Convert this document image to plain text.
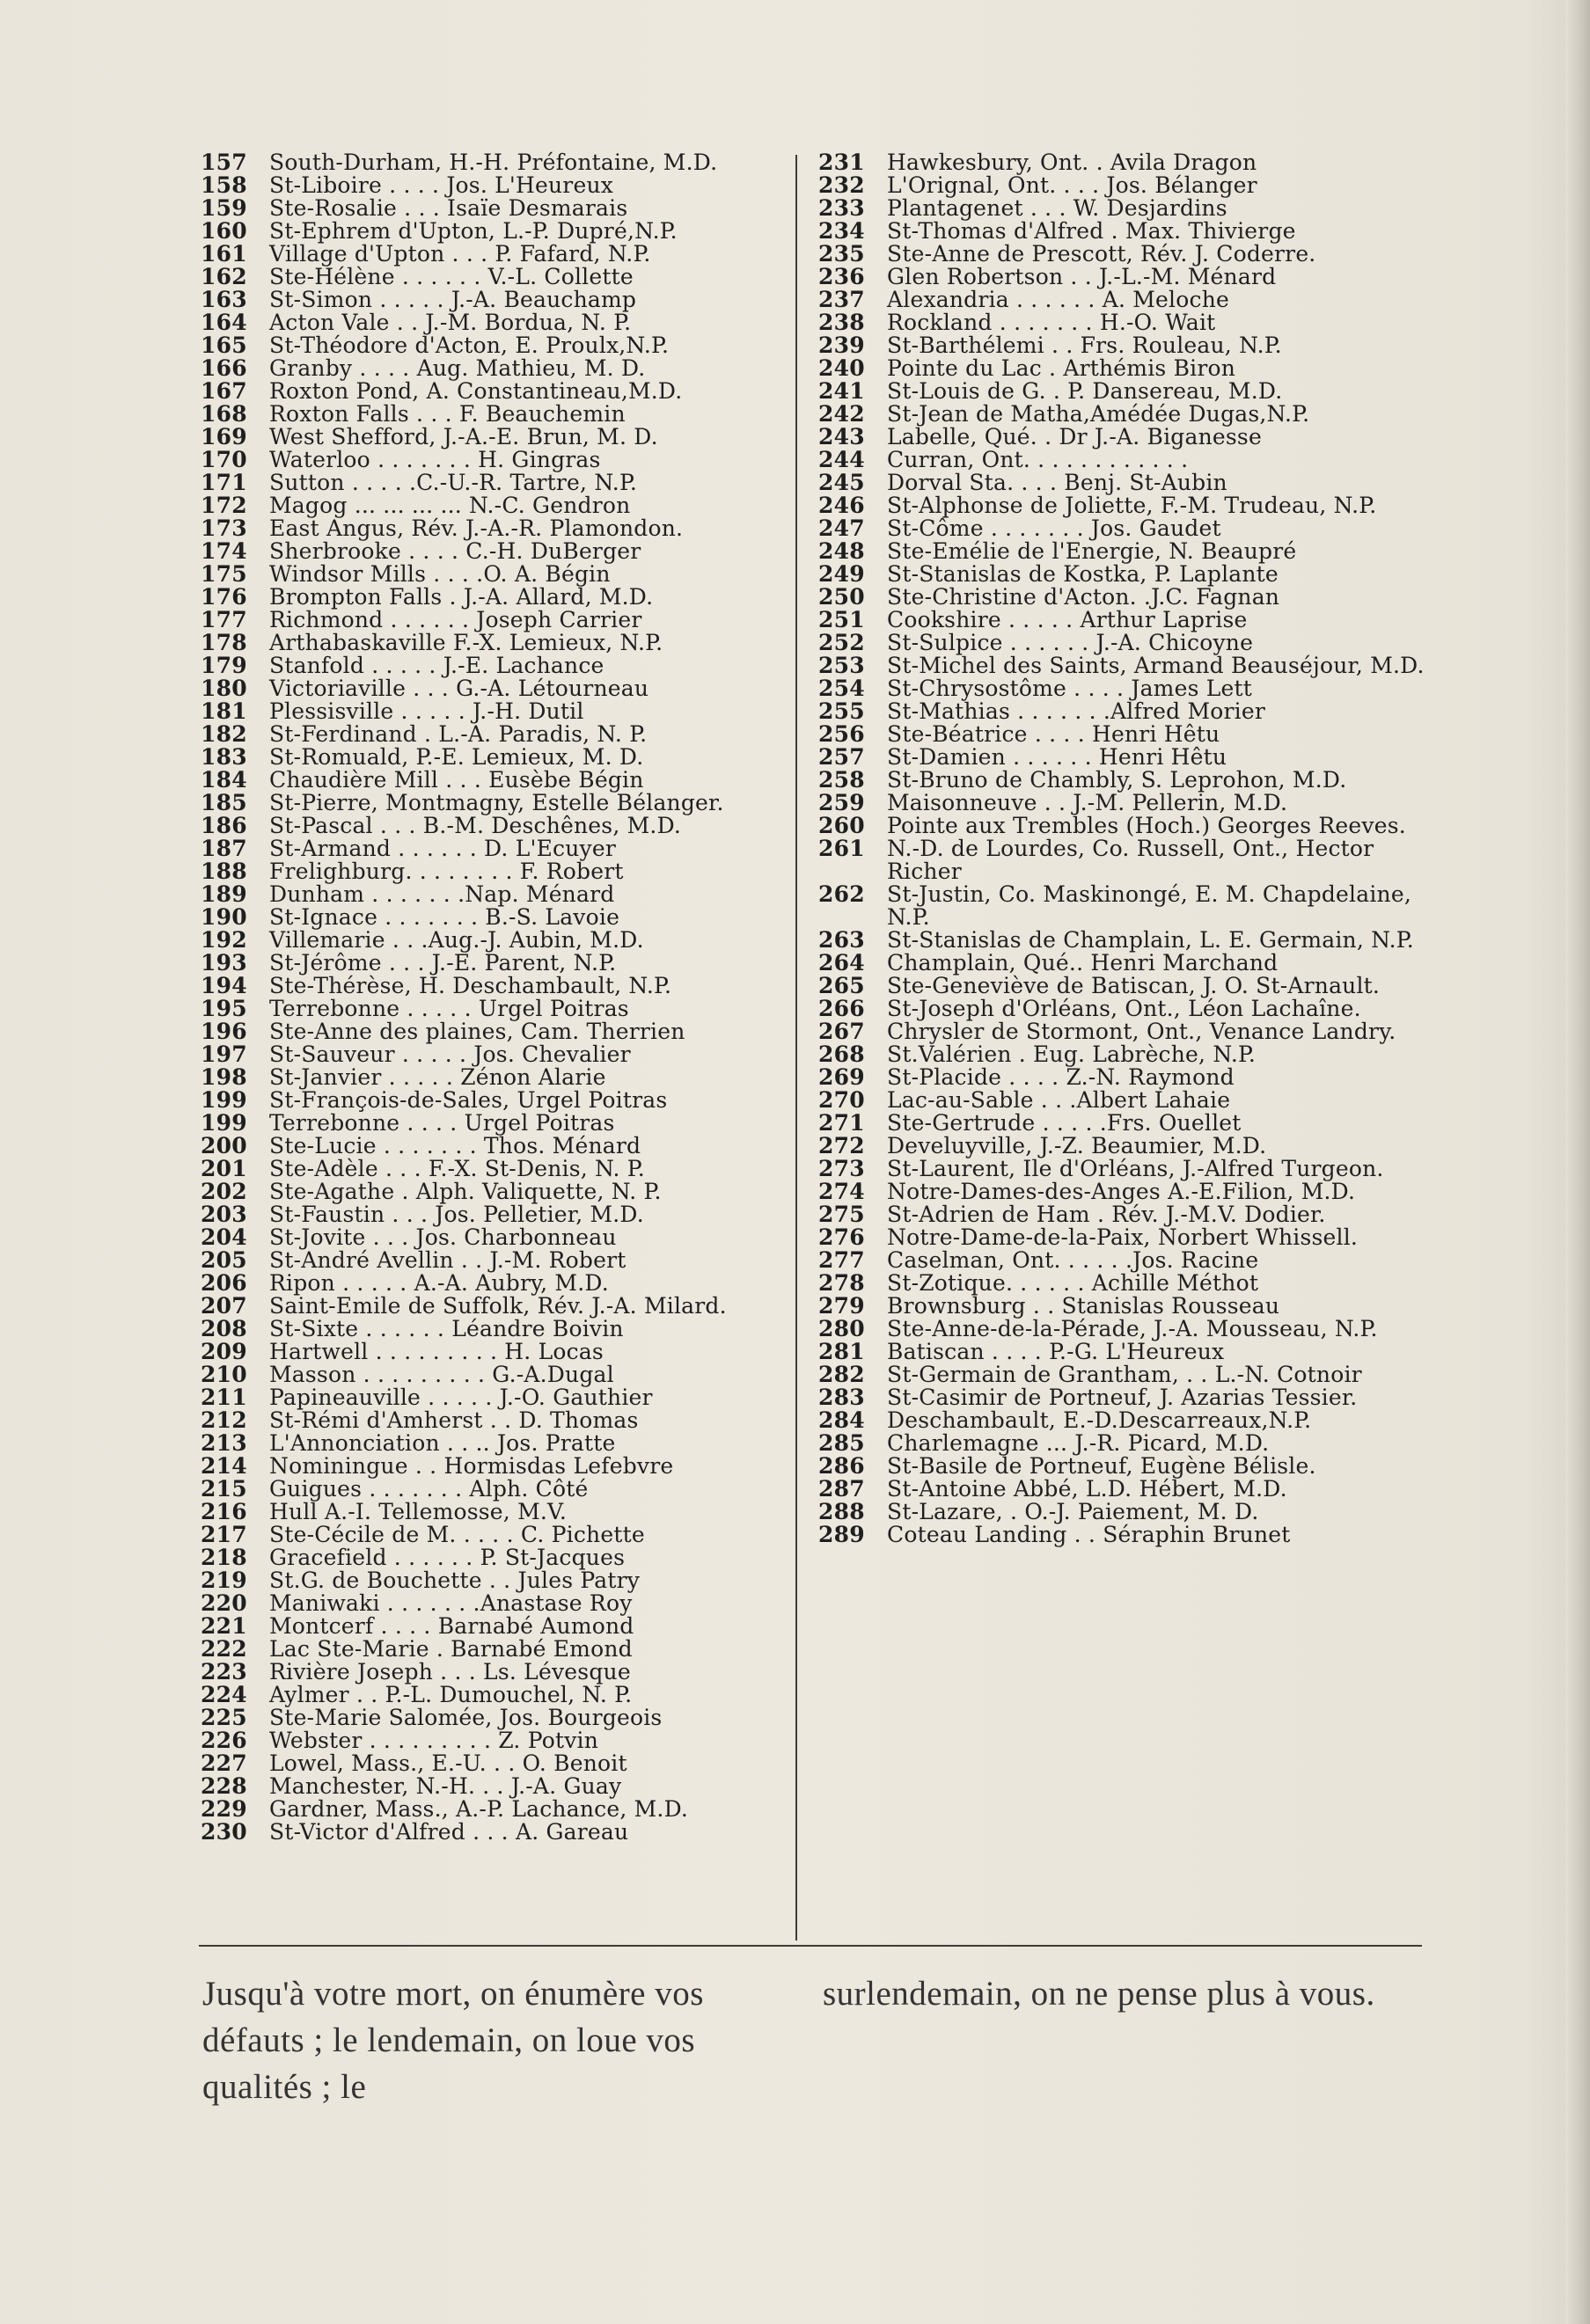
157	South-Durham, H.-H. Préfontaine, M.D.
158	St-Liboire . . . . Jos. L'Heureux
159	Ste-Rosalie . . . Isaïe Desmarais
160	St-Ephrem d'Upton, L.-P. Dupré,N.P.
161	Village d'Upton . . . P. Fafard, N.P.
162	Ste-Hélène . . . . . . V.-L. Collette
163	St-Simon . . . . . J.-A. Beauchamp
164	Acton Vale . . J.-M. Bordua, N. P.
165	St-Théodore d'Acton, E. Proulx,N.P.
166	Granby . . . . Aug. Mathieu, M. D.
167	Roxton Pond, A. Constantineau,M.D.
168	Roxton Falls . . . F. Beauchemin
169	West Shefford, J.-A.-E. Brun, M. D.
170	Waterloo . . . . . . . H. Gingras
171	Sutton . . . . .C.-U.-R. Tartre, N.P.
172	Magog ... ... ... ... N.-C. Gendron
173	East Angus, Rév. J.-A.-R. Plamondon.
174	Sherbrooke . . . . C.-H. DuBerger
175	Windsor Mills . . . .O. A. Bégin
176	Brompton Falls . J.-A. Allard, M.D.
177	Richmond . . . . . . Joseph Carrier
178	Arthabaskaville F.-X. Lemieux, N.P.
179	Stanfold . . . . . J.-E. Lachance
180	Victoriaville . . . G.-A. Létourneau
181	Plessisville . . . . . J.-H. Dutil
182	St-Ferdinand . L.-A. Paradis, N. P.
183	St-Romuald, P.-E. Lemieux, M. D.
184	Chaudière Mill . . . Eusèbe Bégin
185	St-Pierre, Montmagny, Estelle Bélanger.
186	St-Pascal . . . B.-M. Deschênes, M.D.
187	St-Armand . . . . . . D. L'Ecuyer
188	Frelighburg. . . . . . . . F. Robert
189	Dunham . . . . . . .Nap. Ménard
190	St-Ignace . . . . . . . B.-S. Lavoie
192	Villemarie . . .Aug.-J. Aubin, M.D.
193	St-Jérôme . . . J.-E. Parent, N.P.
194	Ste-Thérèse, H. Deschambault, N.P.
195	Terrebonne . . . . . Urgel Poitras
196	Ste-Anne des plaines, Cam. Therrien
197	St-Sauveur . . . . . Jos. Chevalier
198	St-Janvier . . . . . Zénon Alarie
199	St-François-de-Sales, Urgel Poitras
199	Terrebonne . . . . Urgel Poitras
200	Ste-Lucie . . . . . . . Thos. Ménard
201	Ste-Adèle . . . F.-X. St-Denis, N. P.
202	Ste-Agathe . Alph. Valiquette, N. P.
203	St-Faustin . . . Jos. Pelletier, M.D.
204	St-Jovite . . . Jos. Charbonneau
205	St-André Avellin . . J.-M. Robert
206	Ripon . . . . . A.-A. Aubry, M.D.
207	Saint-Emile de Suffolk, Rév. J.-A. Milard.
208	St-Sixte . . . . . . Léandre Boivin
209	Hartwell . . . . . . . . . H. Locas
210	Masson . . . . . . . . . G.-A.Dugal
211	Papineauville . . . . . J.-O. Gauthier
212	St-Rémi d'Amherst . . D. Thomas
213	L'Annonciation . . .. Jos. Pratte
214	Nominingue . . Hormisdas Lefebvre
215	Guigues . . . . . . . Alph. Côté
216	Hull A.-I. Tellemosse, M.V.
217	Ste-Cécile de M. . . . . C. Pichette
218	Gracefield . . . . . . P. St-Jacques
219	St.G. de Bouchette . . Jules Patry
220	Maniwaki . . . . . . .Anastase Roy
221	Montcerf . . . . Barnabé Aumond
222	Lac Ste-Marie . Barnabé Emond
223	Rivière Joseph . . . Ls. Lévesque
224	Aylmer . . P.-L. Dumouchel, N. P.
225	Ste-Marie Salomée, Jos. Bourgeois
226	Webster . . . . . . . . . Z. Potvin
227	Lowel, Mass., E.-U. . . O. Benoit
228	Manchester, N.-H. . . J.-A. Guay
229	Gardner, Mass., A.-P. Lachance, M.D.
230	St-Victor d'Alfred . . . A. Gareau
231	Hawkesbury, Ont. . Avila Dragon
232	L'Orignal, Ont. . . . Jos. Bélanger
233	Plantagenet . . . W. Desjardins
234	St-Thomas d'Alfred . Max. Thivierge
235	Ste-Anne de Prescott, Rév. J. Coderre.
236	Glen Robertson . . J.-L.-M. Ménard
237	Alexandria . . . . . . A. Meloche
238	Rockland . . . . . . . H.-O. Wait
239	St-Barthélemi . . Frs. Rouleau, N.P.
240	Pointe du Lac . Arthémis Biron
241	St-Louis de G. . P. Dansereau, M.D.
242	St-Jean de Matha,Amédée Dugas,N.P.
243	Labelle, Qué. . Dr J.-A. Biganesse
244	Curran, Ont. . . . . . . . . . . .
245	Dorval Sta. . . . Benj. St-Aubin
246	St-Alphonse de Joliette, F.-M. Trudeau, N.P.
247	St-Côme . . . . . . . Jos. Gaudet
248	Ste-Emélie de l'Energie, N. Beaupré
249	St-Stanislas de Kostka, P. Laplante
250	Ste-Christine d'Acton. .J.C. Fagnan
251	Cookshire . . . . . Arthur Laprise
252	St-Sulpice . . . . . . J.-A. Chicoyne
253	St-Michel des Saints, Armand Beauséjour, M.D.
254	St-Chrysostôme . . . . James Lett
255	St-Mathias . . . . . . .Alfred Morier
256	Ste-Béatrice . . . . Henri Hêtu
257	St-Damien . . . . . . Henri Hêtu
258	St-Bruno de Chambly, S. Leprohon, M.D.
259	Maisonneuve . . J.-M. Pellerin, M.D.
260	Pointe aux Trembles (Hoch.) Georges Reeves.
261	N.-D. de Lourdes, Co. Russell, Ont., Hector Richer
262	St-Justin, Co. Maskinongé, E. M. Chapdelaine, N.P.
263	St-Stanislas de Champlain, L. E. Germain, N.P.
264	Champlain, Qué.. Henri Marchand
265	Ste-Geneviève de Batiscan, J. O. St-Arnault.
266	St-Joseph d'Orléans, Ont., Léon Lachaîne.
267	Chrysler de Stormont, Ont., Venance Landry.
268	St.Valérien . Eug. Labrèche, N.P.
269	St-Placide . . . . Z.-N. Raymond
270	Lac-au-Sable . . .Albert Lahaie
271	Ste-Gertrude . . . . .Frs. Ouellet
272	Develuyville, J.-Z. Beaumier, M.D.
273	St-Laurent, Ile d'Orléans, J.-Alfred Turgeon.
274	Notre-Dames-des-Anges A.-E.Filion, M.D.
275	St-Adrien de Ham . Rév. J.-M.V. Dodier.
276	Notre-Dame-de-la-Paix, Norbert Whissell.
277	Caselman, Ont. . . . . .Jos. Racine
278	St-Zotique. . . . . . Achille Méthot
279	Brownsburg . . Stanislas Rousseau
280	Ste-Anne-de-la-Pérade, J.-A. Mousseau, N.P.
281	Batiscan . . . . P.-G. L'Heureux
282	St-Germain de Grantham, . . L.-N. Cotnoir
283	St-Casimir de Portneuf, J. Azarias Tessier.
284	Deschambault, E.-D.Descarreaux,N.P.
285	Charlemagne ... J.-R. Picard, M.D.
286	St-Basile de Portneuf, Eugène Bélisle.
287	St-Antoine Abbé, L.D. Hébert, M.D.
288	St-Lazare, . O.-J. Paiement, M. D.
289	Coteau Landing . . Séraphin Brunet
Jusqu'à votre mort, on énumère vos défauts ; le lendemain, on loue vos qualités ; le
surlendemain, on ne pense plus à vous.
